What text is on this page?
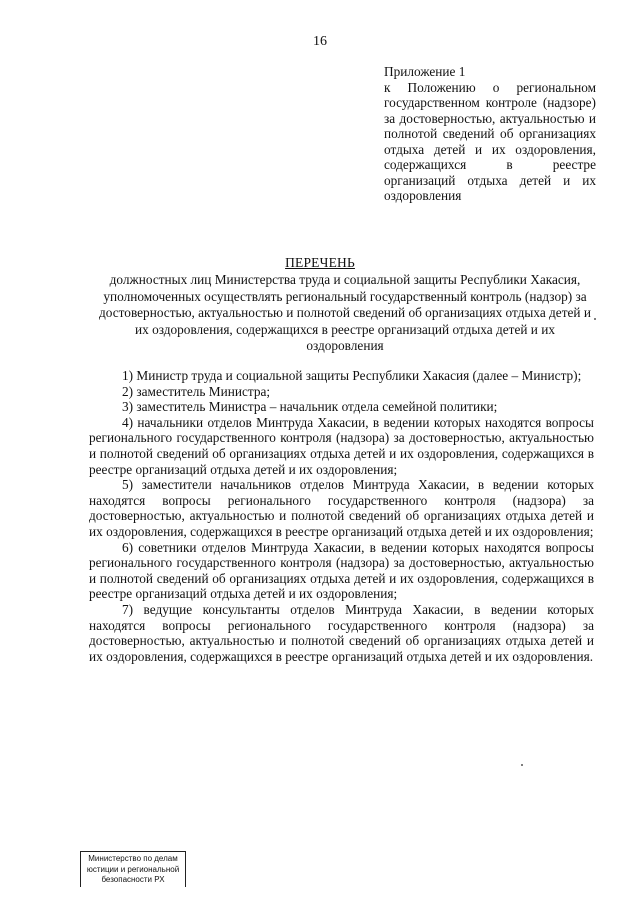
16
Приложение 1
к Положению о региональном государственном контроле (надзоре) за достоверностью, актуальностью и полнотой сведений об организациях отдыха детей и их оздоровления, содержащихся в реестре организаций отдыха детей и их оздоровления
ПЕРЕЧЕНЬ
должностных лиц Министерства труда и социальной защиты Республики Хакасия, уполномоченных осуществлять региональный государственный контроль (надзор) за достоверностью, актуальностью и полнотой сведений об организациях отдыха детей и их оздоровления, содержащихся в реестре организаций отдыха детей и их оздоровления

1) Министр труда и социальной защиты Республики Хакасия (далее – Министр);

2) заместитель Министра;

3) заместитель Министра – начальник отдела семейной политики;

4) начальники отделов Минтруда Хакасии, в ведении которых находятся вопросы регионального государственного контроля (надзора) за достоверностью, актуальностью и полнотой сведений об организациях отдыха детей и их оздоровления, содержащихся в реестре организаций отдыха детей и их оздоровления;

5) заместители начальников отделов Минтруда Хакасии, в ведении которых находятся вопросы регионального государственного контроля (надзора) за достоверностью, актуальностью и полнотой сведений об организациях отдыха детей и их оздоровления, содержащихся в реестре организаций отдыха детей и их оздоровления;

6) советники отделов Минтруда Хакасии, в ведении которых находятся вопросы регионального государственного контроля (надзора) за достоверностью, актуальностью и полнотой сведений об организациях отдыха детей и их оздоровления, содержащихся в реестре организаций отдыха детей и их оздоровления;

7) ведущие консультанты отделов Минтруда Хакасии, в ведении которых находятся вопросы регионального государственного контроля (надзора) за достоверностью, актуальностью и полнотой сведений об организациях отдыха детей и их оздоровления, содержащихся в реестре организаций отдыха детей и их оздоровления.

Министерство по делам
юстиции и региональной
безопасности РХ
